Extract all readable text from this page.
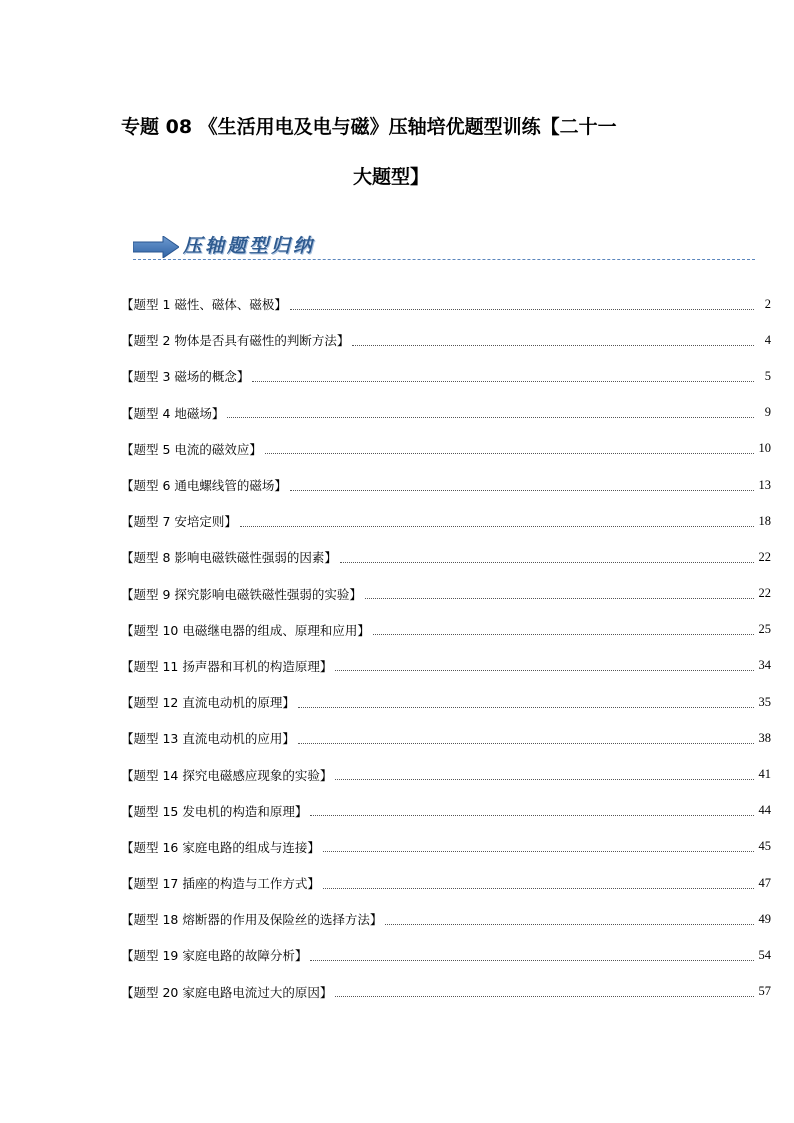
专题 08 《生活用电及电与磁》压轴培优题型训练【二十一
大题型】
压轴题型归纳
【题型 1 磁性、磁体、磁极】	2
【题型 2 物体是否具有磁性的判断方法】	4
【题型 3 磁场的概念】	5
【题型 4 地磁场】	9
【题型 5 电流的磁效应】	10
【题型 6 通电螺线管的磁场】	13
【题型 7 安培定则】	18
【题型 8 影响电磁铁磁性强弱的因素】	22
【题型 9 探究影响电磁铁磁性强弱的实验】	22
【题型 10 电磁继电器的组成、原理和应用】	25
【题型 11 扬声器和耳机的构造原理】	34
【题型 12 直流电动机的原理】	35
【题型 13 直流电动机的应用】	38
【题型 14 探究电磁感应现象的实验】	41
【题型 15 发电机的构造和原理】	44
【题型 16 家庭电路的组成与连接】	45
【题型 17 插座的构造与工作方式】	47
【题型 18 熔断器的作用及保险丝的选择方法】	49
【题型 19 家庭电路的故障分析】	54
【题型 20 家庭电路电流过大的原因】	57
